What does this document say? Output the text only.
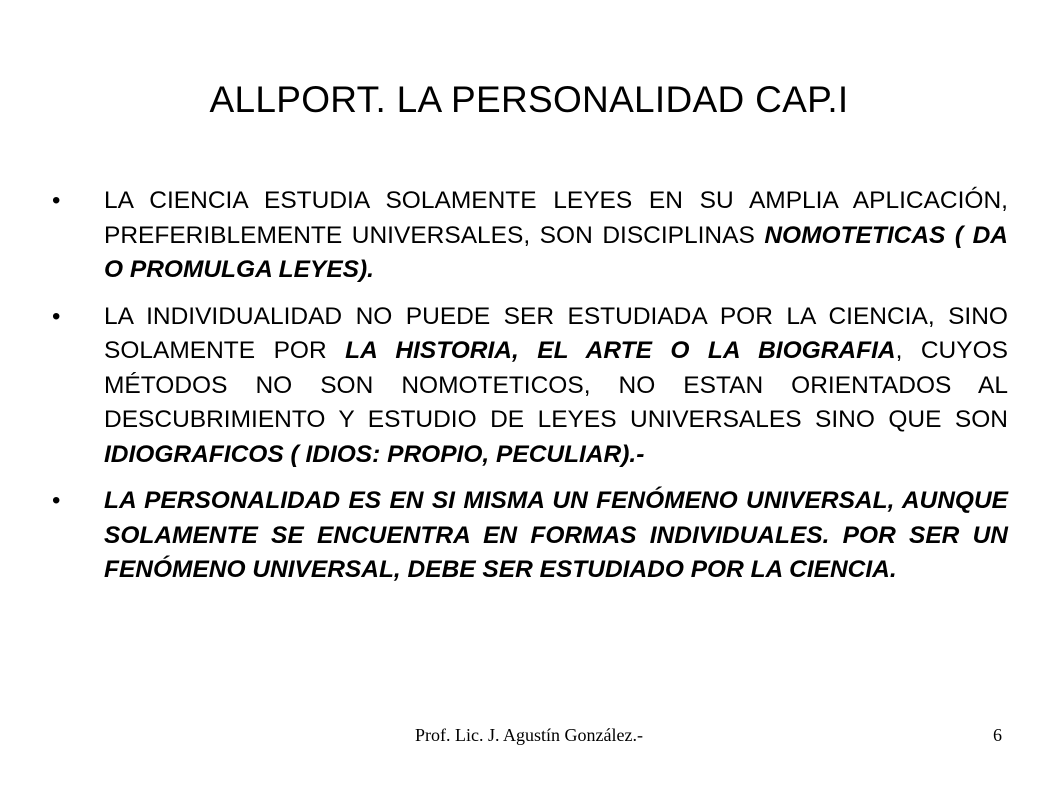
ALLPORT. LA PERSONALIDAD CAP.I
• LA CIENCIA ESTUDIA SOLAMENTE LEYES EN SU AMPLIA APLICACIÓN, PREFERIBLEMENTE UNIVERSALES, SON DISCIPLINAS NOMOTETICAS ( DA O PROMULGA LEYES).
• LA INDIVIDUALIDAD NO PUEDE SER ESTUDIADA POR LA CIENCIA, SINO SOLAMENTE POR LA HISTORIA, EL ARTE O LA BIOGRAFIA, CUYOS MÉTODOS NO SON NOMOTETICOS, NO ESTAN ORIENTADOS AL DESCUBRIMIENTO Y ESTUDIO DE LEYES UNIVERSALES SINO QUE SON IDIOGRAFICOS ( IDIOS: PROPIO, PECULIAR).-
• LA PERSONALIDAD ES EN SI MISMA UN FENÓMENO UNIVERSAL, AUNQUE SOLAMENTE SE ENCUENTRA EN FORMAS INDIVIDUALES. POR SER UN FENÓMENO UNIVERSAL, DEBE SER ESTUDIADO POR LA CIENCIA.
Prof. Lic. J. Agustín González.-	6
